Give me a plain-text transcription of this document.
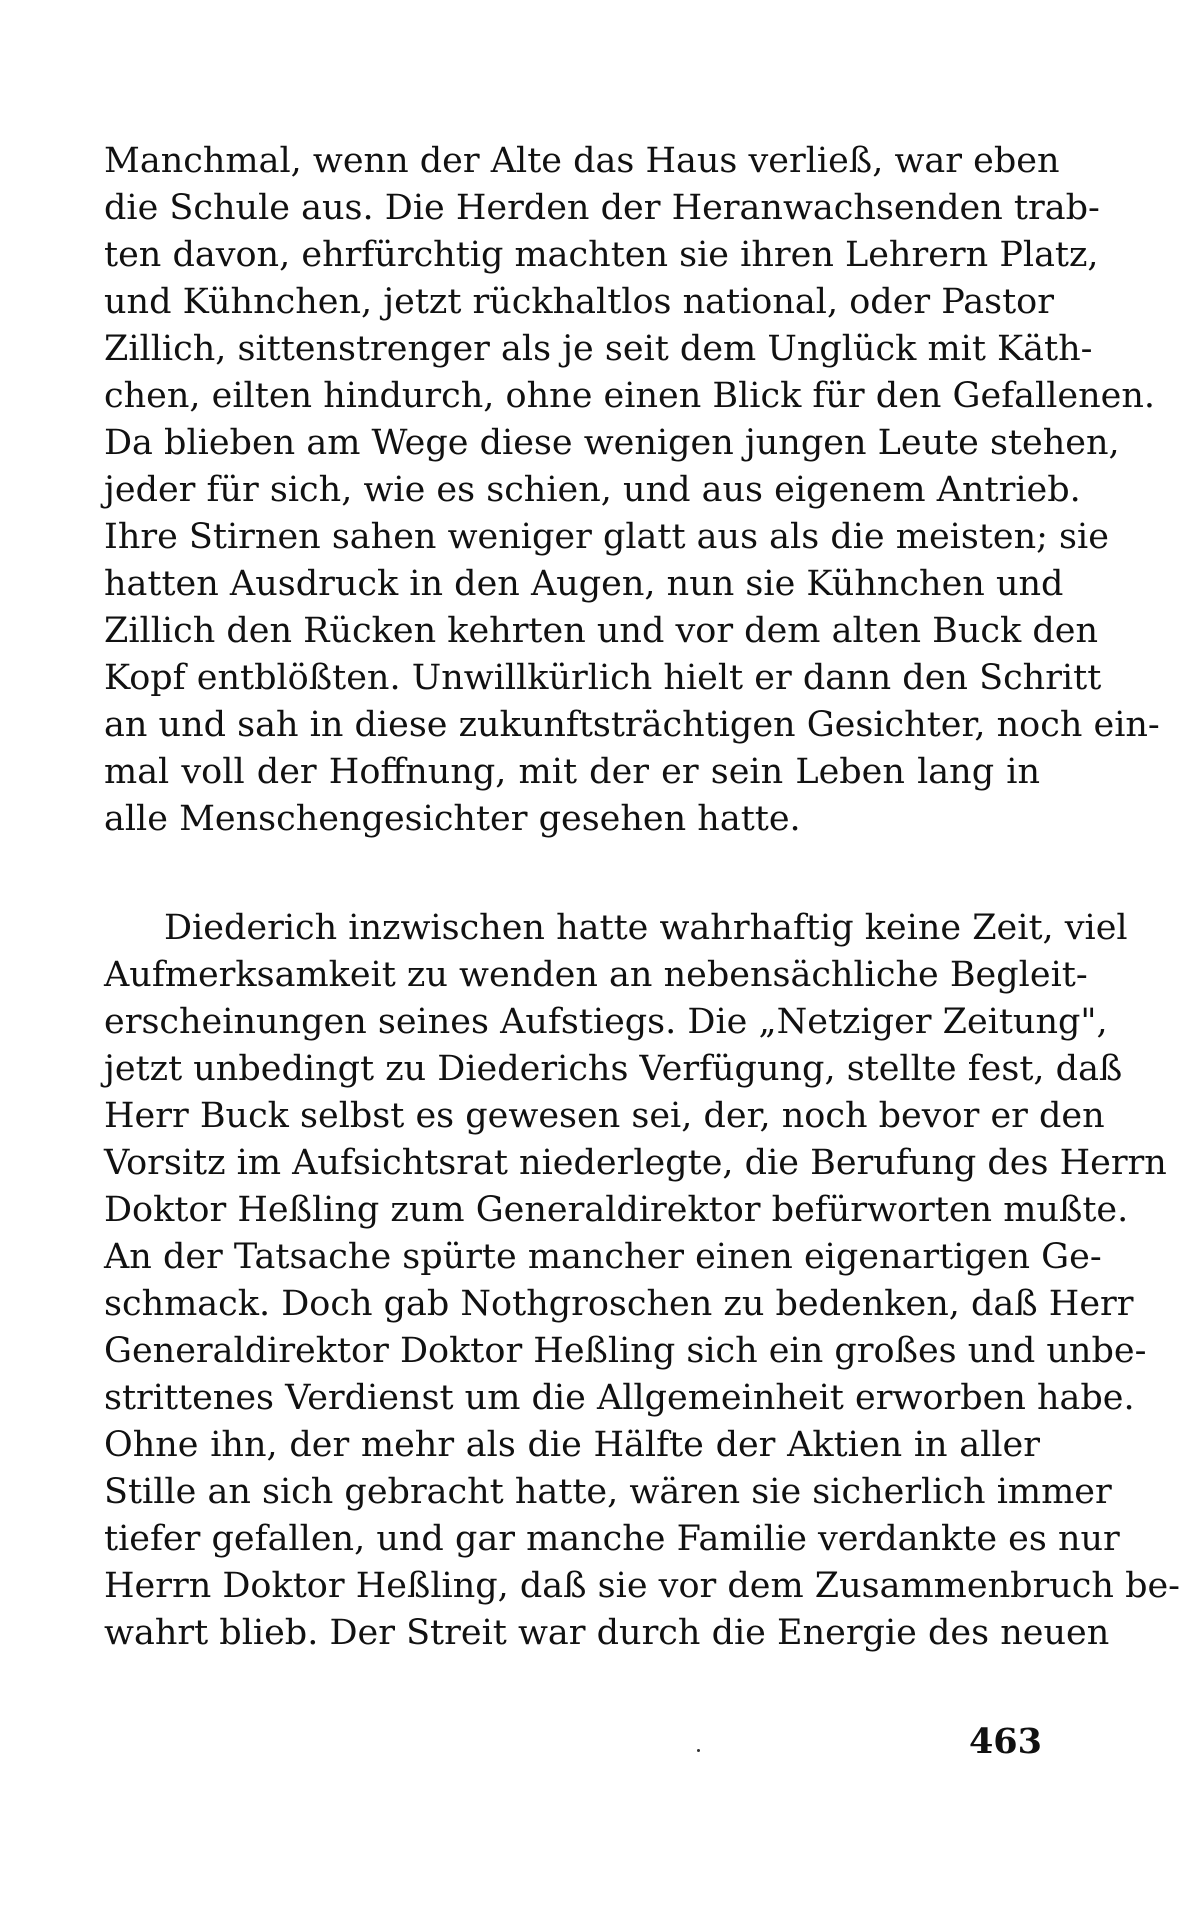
Manchmal, wenn der Alte das Haus verließ, war eben
die Schule aus. Die Herden der Heranwachsenden trab-
ten davon, ehrfürchtig machten sie ihren Lehrern Platz,
und Kühnchen, jetzt rückhaltlos national, oder Pastor
Zillich, sittenstrenger als je seit dem Unglück mit Käth-
chen, eilten hindurch, ohne einen Blick für den Gefallenen.
Da blieben am Wege diese wenigen jungen Leute stehen,
jeder für sich, wie es schien, und aus eigenem Antrieb.
Ihre Stirnen sahen weniger glatt aus als die meisten; sie
hatten Ausdruck in den Augen, nun sie Kühnchen und
Zillich den Rücken kehrten und vor dem alten Buck den
Kopf entblößten. Unwillkürlich hielt er dann den Schritt
an und sah in diese zukunftsträchtigen Gesichter, noch ein-
mal voll der Hoffnung, mit der er sein Leben lang in
alle Menschengesichter gesehen hatte.
Diederich inzwischen hatte wahrhaftig keine Zeit, viel
Aufmerksamkeit zu wenden an nebensächliche Begleit-
erscheinungen seines Aufstiegs. Die „Netziger Zeitung",
jetzt unbedingt zu Diederichs Verfügung, stellte fest, daß
Herr Buck selbst es gewesen sei, der, noch bevor er den
Vorsitz im Aufsichtsrat niederlegte, die Berufung des Herrn
Doktor Heßling zum Generaldirektor befürworten mußte.
An der Tatsache spürte mancher einen eigenartigen Ge-
schmack. Doch gab Nothgroschen zu bedenken, daß Herr
Generaldirektor Doktor Heßling sich ein großes und unbe-
strittenes Verdienst um die Allgemeinheit erworben habe.
Ohne ihn, der mehr als die Hälfte der Aktien in aller
Stille an sich gebracht hatte, wären sie sicherlich immer
tiefer gefallen, und gar manche Familie verdankte es nur
Herrn Doktor Heßling, daß sie vor dem Zusammenbruch be-
wahrt blieb. Der Streit war durch die Energie des neuen
463
